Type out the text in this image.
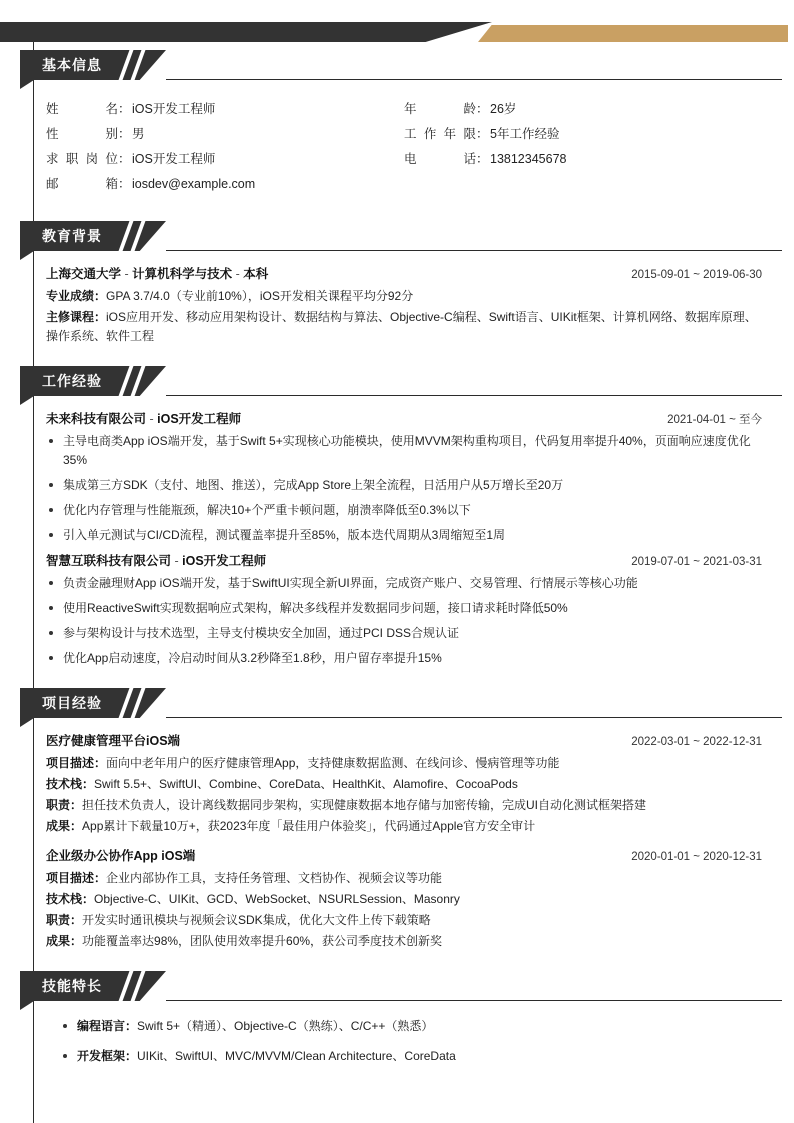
基本信息
姓	名 ： iOS开发工程师	年	龄 ： 26岁
性	别 ： 男	工 作 年 限 ： 5年工作经验
求 职 岗 位 ： iOS开发工程师	电	话 ： 13812345678
邮	箱 ： iosdev@example.com
教育背景
上海交通大学 - 计算机科学与技术 - 本科	2015-09-01 ~ 2019-06-30
专业成绩：GPA 3.7/4.0（专业前10%），iOS开发相关课程平均分92分
主修课程：iOS应用开发、移动应用架构设计、数据结构与算法、Objective-C编程、Swift语言、UIKit框架、计算机网络、数据库原理、操作系统、软件工程
工作经验
未来科技有限公司 - iOS开发工程师	2021-04-01 ~ 至今
主导电商类App iOS端开发，基于Swift 5+实现核心功能模块，使用MVVM架构重构项目，代码复用率提升40%，页面响应速度优化35%
集成第三方SDK（支付、地图、推送），完成App Store上架全流程，日活用户从5万增长至20万
优化内存管理与性能瓶颈，解决10+个严重卡顿问题，崩溃率降低至0.3%以下
引入单元测试与CI/CD流程，测试覆盖率提升至85%，版本迭代周期从3周缩短至1周
智慧互联科技有限公司 - iOS开发工程师	2019-07-01 ~ 2021-03-31
负责金融理财App iOS端开发，基于SwiftUI实现全新UI界面，完成资产账户、交易管理、行情展示等核心功能
使用ReactiveSwift实现数据响应式架构，解决多线程并发数据同步问题，接口请求耗时降低50%
参与架构设计与技术选型，主导支付模块安全加固，通过PCI DSS合规认证
优化App启动速度，冷启动时间从3.2秒降至1.8秒，用户留存率提升15%
项目经验
医疗健康管理平台iOS端	2022-03-01 ~ 2022-12-31
项目描述：面向中老年用户的医疗健康管理App，支持健康数据监测、在线问诊、慢病管理等功能
技术栈：Swift 5.5+、SwiftUI、Combine、CoreData、HealthKit、Alamofire、CocoaPods
职责：担任技术负责人，设计离线数据同步架构，实现健康数据本地存储与加密传输，完成UI自动化测试框架搭建
成果：App累计下载量10万+，获2023年度「最佳用户体验奖」，代码通过Apple官方安全审计
企业级办公协作App iOS端	2020-01-01 ~ 2020-12-31
项目描述：企业内部协作工具，支持任务管理、文档协作、视频会议等功能
技术栈：Objective-C、UIKit、GCD、WebSocket、NSURLSession、Masonry
职责：开发实时通讯模块与视频会议SDK集成，优化大文件上传下载策略
成果：功能覆盖率达98%，团队使用效率提升60%，获公司季度技术创新奖
技能特长
编程语言：Swift 5+（精通）、Objective-C（熟练）、C/C++（熟悉）
开发框架：UIKit、SwiftUI、MVC/MVVM/Clean Architecture、CoreData
